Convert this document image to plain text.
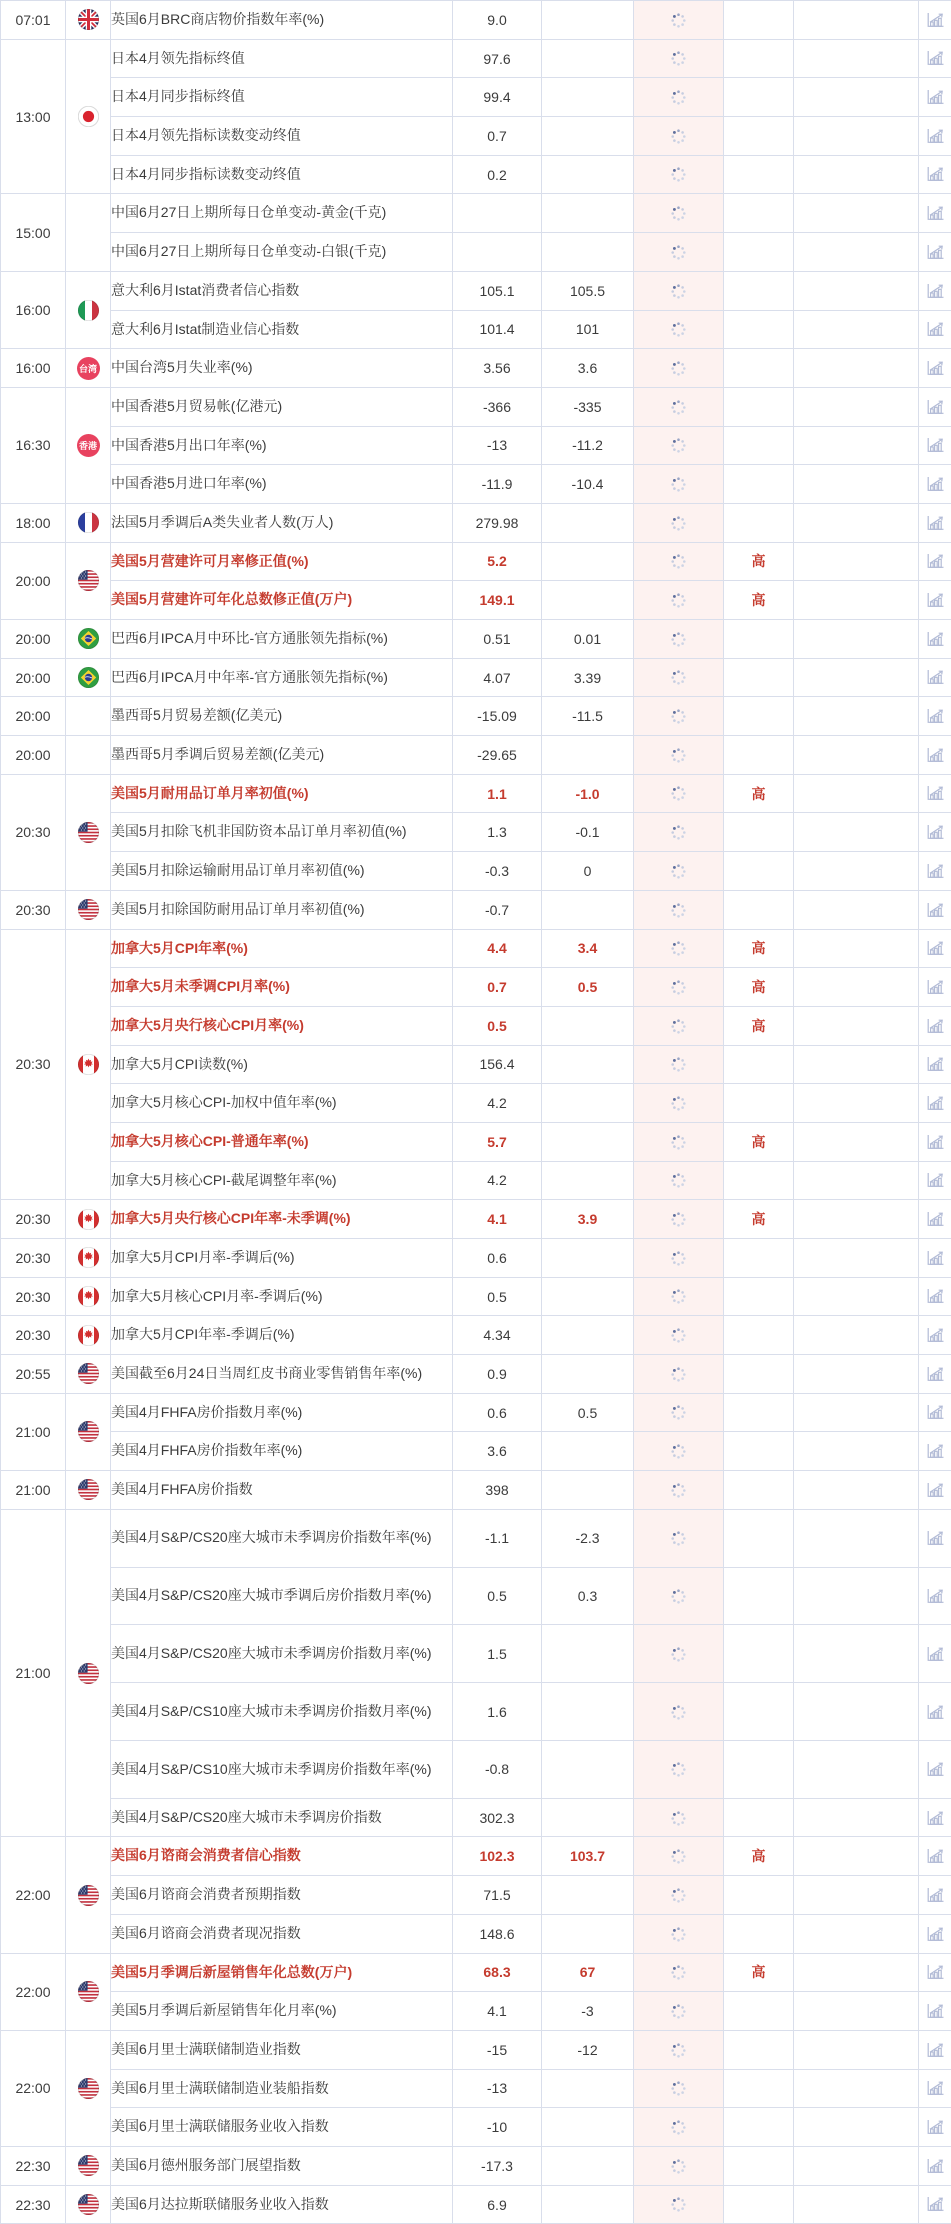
07:01		英国6月BRC商店物价指数年率(%)	9.0					
13:00		日本4月领先指标终值	97.6					
		日本4月同步指标终值	99.4					
		日本4月领先指标读数变动终值	0.7					
		日本4月同步指标读数变动终值	0.2					
15:00		中国6月27日上期所每日仓单变动-黄金(千克)						
		中国6月27日上期所每日仓单变动-白银(千克)						
16:00		意大利6月Istat消费者信心指数	105.1	105.5				
		意大利6月Istat制造业信心指数	101.4	101				
16:00	台湾	中国台湾5月失业率(%)	3.56	3.6				
16:30	香港	中国香港5月贸易帐(亿港元)	-366	-335				
		中国香港5月出口年率(%)	-13	-11.2				
		中国香港5月进口年率(%)	-11.9	-10.4				
18:00		法国5月季调后A类失业者人数(万人)	279.98					
20:00		美国5月营建许可月率修正值(%)	5.2			高		
		美国5月营建许可年化总数修正值(万户)	149.1			高		
20:00		巴西6月IPCA月中环比-官方通胀领先指标(%)	0.51	0.01				
20:00		巴西6月IPCA月中年率-官方通胀领先指标(%)	4.07	3.39				
20:00		墨西哥5月贸易差额(亿美元)	-15.09	-11.5				
20:00		墨西哥5月季调后贸易差额(亿美元)	-29.65					
20:30		美国5月耐用品订单月率初值(%)	1.1	-1.0		高		
		美国5月扣除飞机非国防资本品订单月率初值(%)	1.3	-0.1				
		美国5月扣除运输耐用品订单月率初值(%)	-0.3	0				
20:30		美国5月扣除国防耐用品订单月率初值(%)	-0.7					
20:30		加拿大5月CPI年率(%)	4.4	3.4		高		
		加拿大5月未季调CPI月率(%)	0.7	0.5		高		
		加拿大5月央行核心CPI月率(%)	0.5			高		
		加拿大5月CPI读数(%)	156.4					
		加拿大5月核心CPI-加权中值年率(%)	4.2					
		加拿大5月核心CPI-普通年率(%)	5.7			高		
		加拿大5月核心CPI-截尾调整年率(%)	4.2					
20:30		加拿大5月央行核心CPI年率-未季调(%)	4.1	3.9		高		
20:30		加拿大5月CPI月率-季调后(%)	0.6					
20:30		加拿大5月核心CPI月率-季调后(%)	0.5					
20:30		加拿大5月CPI年率-季调后(%)	4.34					
20:55		美国截至6月24日当周红皮书商业零售销售年率(%)	0.9					
21:00		美国4月FHFA房价指数月率(%)	0.6	0.5				
		美国4月FHFA房价指数年率(%)	3.6					
21:00		美国4月FHFA房价指数	398					
21:00		美国4月S&P/CS20座大城市未季调房价指数年率(%)	-1.1	-2.3				
		美国4月S&P/CS20座大城市季调后房价指数月率(%)	0.5	0.3				
		美国4月S&P/CS20座大城市未季调房价指数月率(%)	1.5					
		美国4月S&P/CS10座大城市未季调房价指数月率(%)	1.6					
		美国4月S&P/CS10座大城市未季调房价指数年率(%)	-0.8					
		美国4月S&P/CS20座大城市未季调房价指数	302.3					
22:00		美国6月谘商会消费者信心指数	102.3	103.7		高		
		美国6月谘商会消费者预期指数	71.5					
		美国6月谘商会消费者现况指数	148.6					
22:00		美国5月季调后新屋销售年化总数(万户)	68.3	67		高		
		美国5月季调后新屋销售年化月率(%)	4.1	-3				
22:00		美国6月里士满联储制造业指数	-15	-12				
		美国6月里士满联储制造业装船指数	-13					
		美国6月里士满联储服务业收入指数	-10					
22:30		美国6月德州服务部门展望指数	-17.3					
22:30		美国6月达拉斯联储服务业收入指数	6.9					
